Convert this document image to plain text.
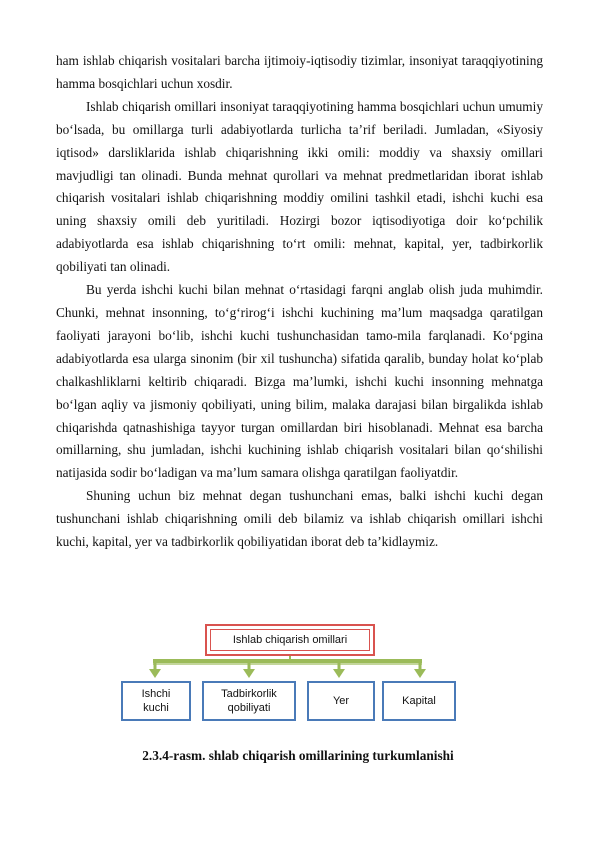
ham ishlab chiqarish vositalari barcha ijtimoiy-iqtisodiy tizimlar, insoniyat taraqqiyotining hamma bosqichlari uchun xosdir.

Ishlab chiqarish omillari insoniyat taraqqiyotining hamma bosqichlari uchun umumiy bo‘lsada, bu omillarga turli adabiyotlarda turlicha ta’rif beriladi. Jumladan, «Siyosiy iqtisod» darsliklarida ishlab chiqarishning ikki omili: moddiy va shaxsiy omillari mavjudligi tan olinadi. Bunda mehnat qurollari va mehnat predmetlaridan iborat ishlab chiqarish vositalari ishlab chiqarishning moddiy omilini tashkil etadi, ishchi kuchi esa uning shaxsiy omili deb yuritiladi. Hozirgi bozor iqtisodiyotiga doir ko‘pchilik adabiyotlarda esa ishlab chiqarishning to‘rt omili: mehnat, kapital, yer, tadbirkorlik qobiliyati tan olinadi.

Bu yerda ishchi kuchi bilan mehnat o‘rtasidagi farqni anglab olish juda muhimdir. Chunki, mehnat insonning, to‘g‘rirog‘i ishchi kuchining ma’lum maqsadga qaratilgan faoliyati jarayoni bo‘lib, ishchi kuchi tushunchasidan tamo-mila farqlanadi. Ko‘pgina adabiyotlarda esa ularga sinonim (bir xil tushuncha) sifatida qaralib, bunday holat ko‘plab chalkashliklarni keltirib chiqaradi. Bizga ma’lumki, ishchi kuchi insonning mehnatga bo‘lgan aqliy va jismoniy qobiliyati, uning bilim, malaka darajasi bilan birgalikda ishlab chiqarishda qatnashishiga tayyor turgan omillardan biri hisoblanadi. Mehnat esa barcha omillarning, shu jumladan, ishchi kuchining ishlab chiqarish vositalari bilan qo‘shilishi natijasida sodir bo‘ladigan va ma’lum samara olishga qaratilgan faoliyatdir.

Shuning uchun biz mehnat degan tushunchani emas, balki ishchi kuchi degan tushunchani ishlab chiqarishning omili deb bilamiz va ishlab chiqarish omillari ishchi kuchi, kapital, yer va tadbirkorlik qobiliyatidan iborat deb ta’kidlaymiz.

Ishlab chiqarish omillari
Ishchi kuchi
Tadbirkorlik qobiliyati
Yer	Kapital
2.3.4-rasm. shlab chiqarish omillarining turkumlanishi
